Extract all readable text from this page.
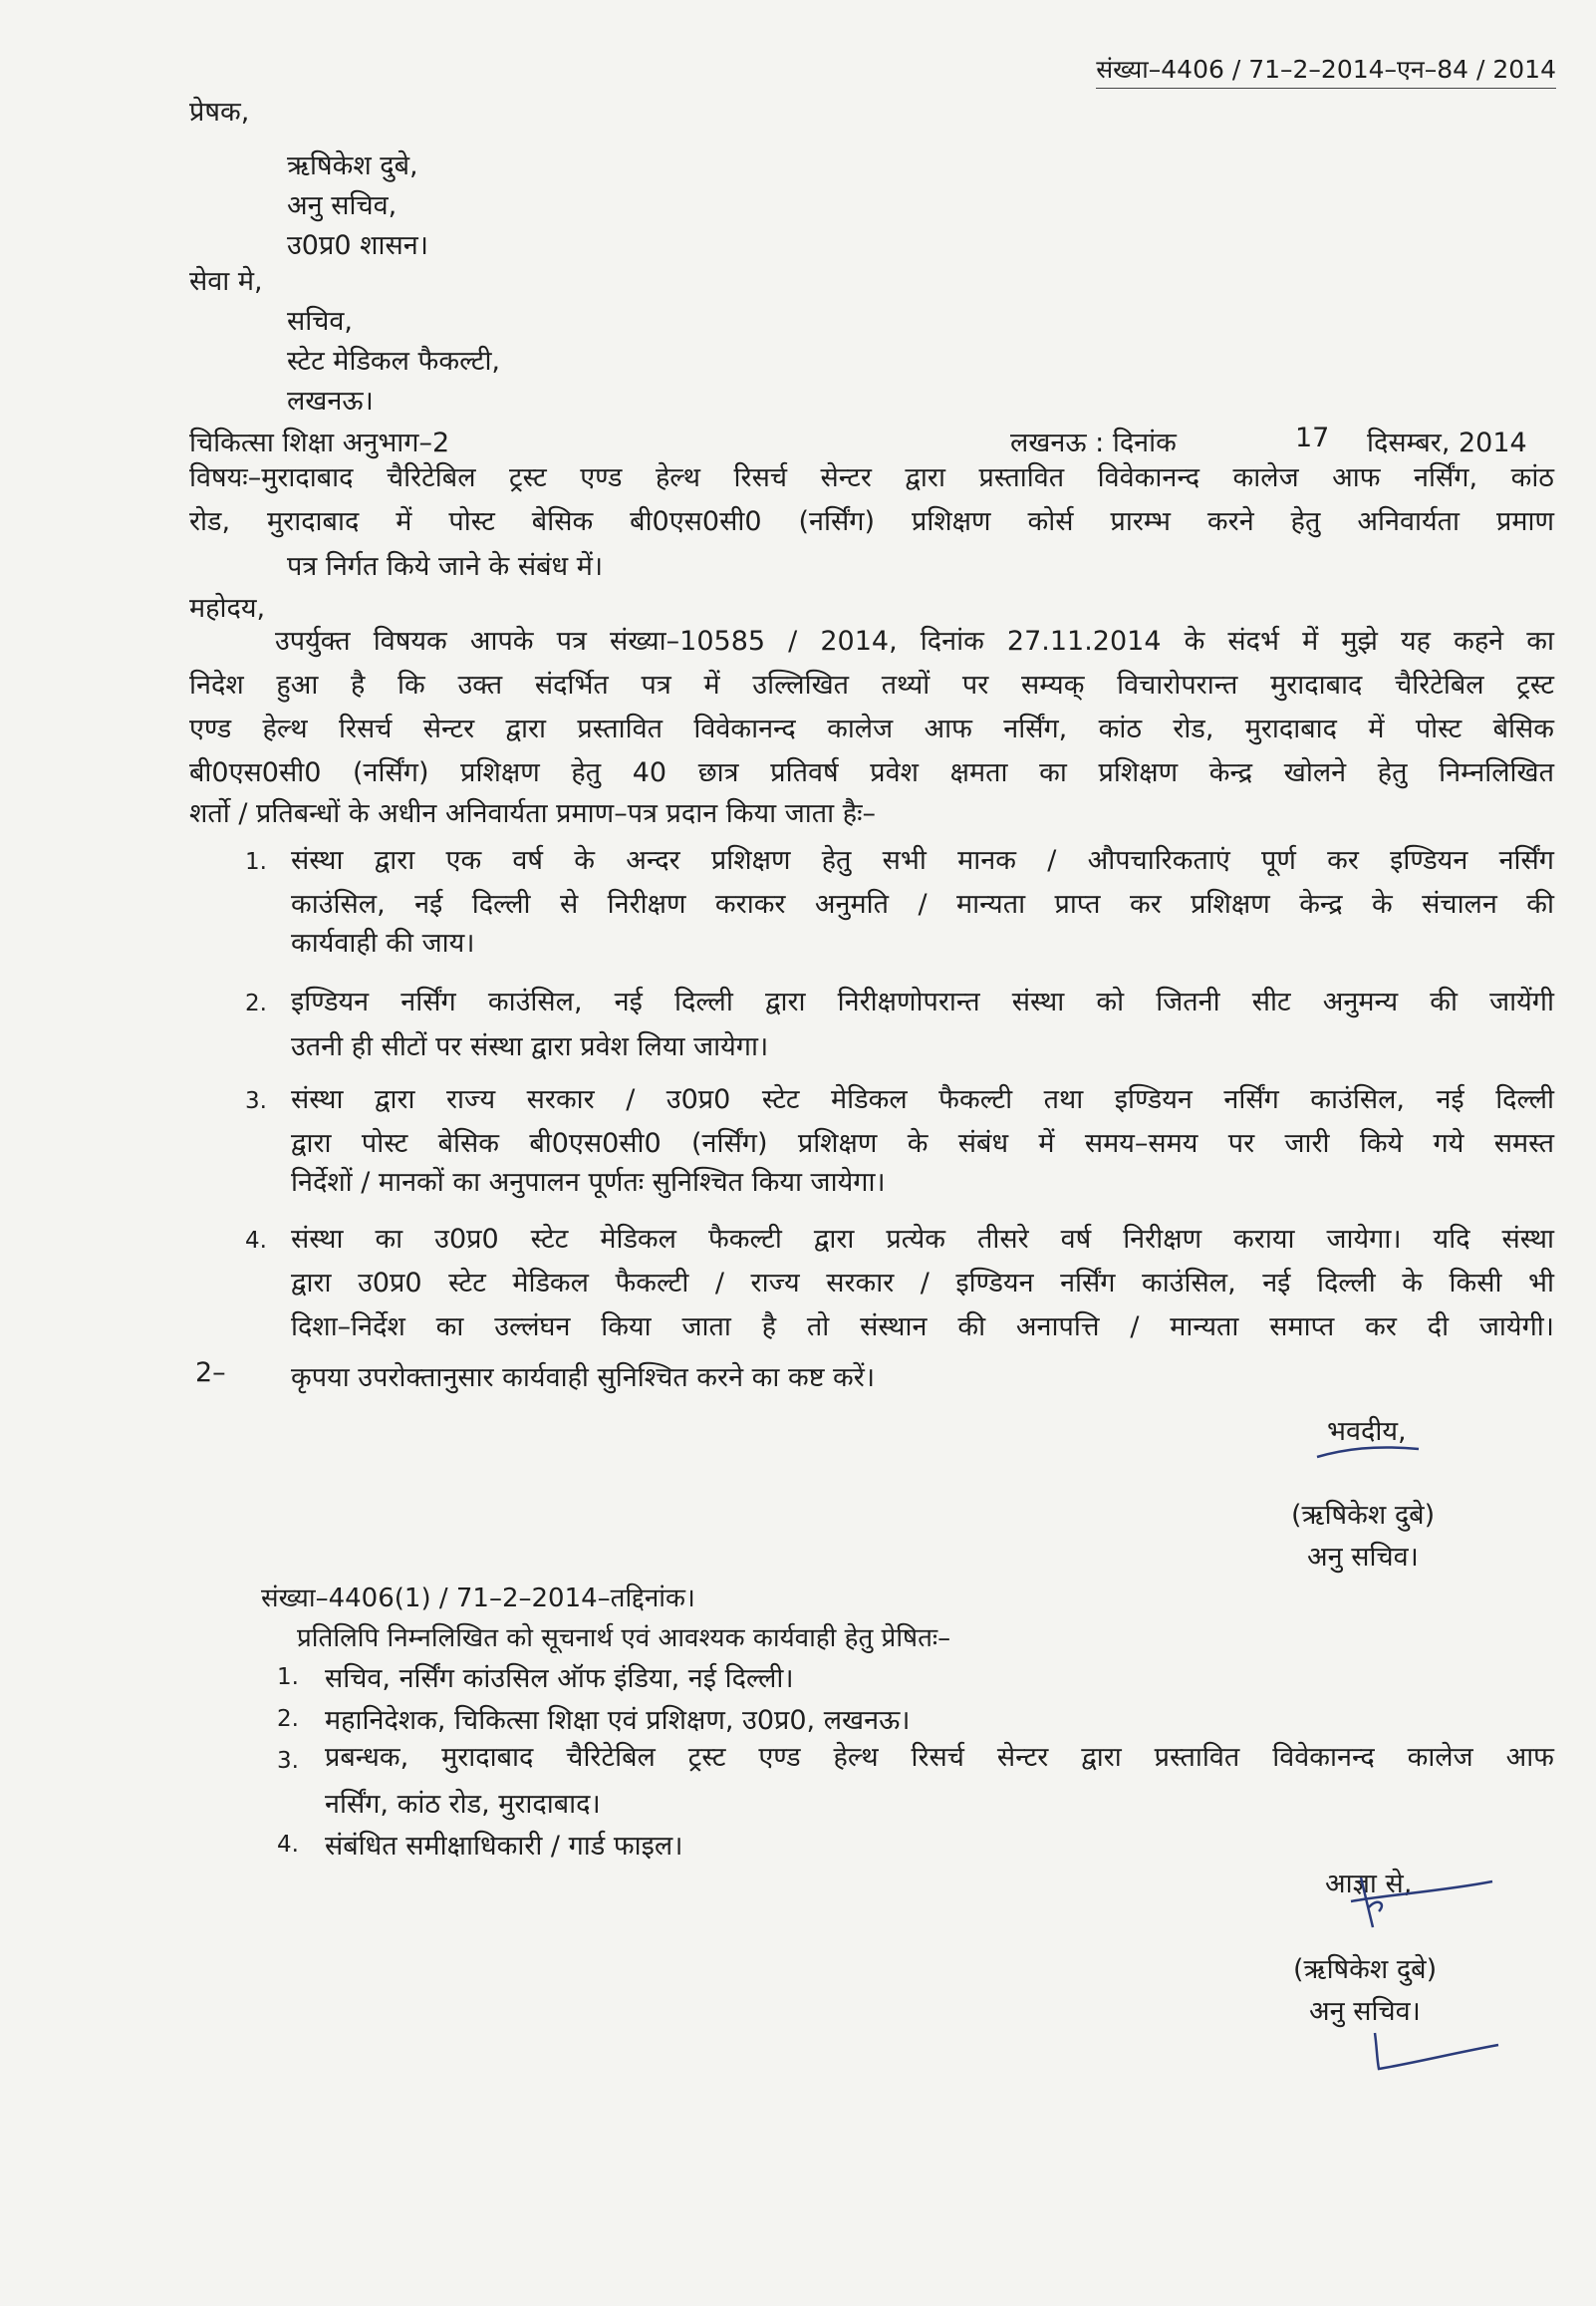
संख्या–4406 / 71–2–2014–एन–84 / 2014
प्रेषक,
ऋषिकेश दुबे,
अनु सचिव,
उ0प्र0 शासन।
सेवा मे,
सचिव,
स्टेट मेडिकल फैकल्टी,
लखनऊ।
चिकित्सा शिक्षा अनुभाग–2	लखनऊ : दिनांक	17 दिसम्बर, 2014
विषयः–मुरादाबाद चैरिटेबिल ट्रस्ट एण्ड हेल्थ रिसर्च सेन्टर द्वारा प्रस्तावित विवेकानन्द कालेज आफ नर्सिंग, कांठ
रोड, मुरादाबाद में पोस्ट बेसिक बी0एस0सी0 (नर्सिंग) प्रशिक्षण कोर्स प्रारम्भ करने हेतु अनिवार्यता प्रमाण
पत्र निर्गत किये जाने के संबंध में।
महोदय,
उपर्युक्त विषयक आपके पत्र संख्या–10585 / 2014, दिनांक 27.11.2014 के संदर्भ में मुझे यह कहने का
निदेश हुआ है कि उक्त संदर्भित पत्र में उल्लिखित तथ्यों पर सम्यक् विचारोपरान्त मुरादाबाद चैरिटेबिल ट्रस्ट
एण्ड हेल्थ रिसर्च सेन्टर द्वारा प्रस्तावित विवेकानन्द कालेज आफ नर्सिंग, कांठ रोड, मुरादाबाद में पोस्ट बेसिक
बी0एस0सी0 (नर्सिंग) प्रशिक्षण हेतु 40 छात्र प्रतिवर्ष प्रवेश क्षमता का प्रशिक्षण केन्द्र खोलने हेतु निम्नलिखित
शर्तो / प्रतिबन्धों के अधीन अनिवार्यता प्रमाण–पत्र प्रदान किया जाता हैः–
1. संस्था द्वारा एक वर्ष के अन्दर प्रशिक्षण हेतु सभी मानक / औपचारिकताएं पूर्ण कर इण्डियन नर्सिंग
काउंसिल, नई दिल्ली से निरीक्षण कराकर अनुमति / मान्यता प्राप्त कर प्रशिक्षण केन्द्र के संचालन की
कार्यवाही की जाय।
2. इण्डियन नर्सिंग काउंसिल, नई दिल्ली द्वारा निरीक्षणोपरान्त संस्था को जितनी सीट अनुमन्य की जायेंगी
उतनी ही सीटों पर संस्था द्वारा प्रवेश लिया जायेगा।
3. संस्था द्वारा राज्य सरकार / उ0प्र0 स्टेट मेडिकल फैकल्टी तथा इण्डियन नर्सिंग काउंसिल, नई दिल्ली
द्वारा पोस्ट बेसिक बी0एस0सी0 (नर्सिंग) प्रशिक्षण के संबंध में समय–समय पर जारी किये गये समस्त
निर्देशों / मानकों का अनुपालन पूर्णतः सुनिश्चित किया जायेगा।
4. संस्था का उ0प्र0 स्टेट मेडिकल फैकल्टी द्वारा प्रत्येक तीसरे वर्ष निरीक्षण कराया जायेगा। यदि संस्था
द्वारा उ0प्र0 स्टेट मेडिकल फैकल्टी / राज्य सरकार / इण्डियन नर्सिंग काउंसिल, नई दिल्ली के किसी भी
दिशा–निर्देश का उल्लंघन किया जाता है तो संस्थान की अनापत्ति / मान्यता समाप्त कर दी जायेगी।
2– कृपया उपरोक्तानुसार कार्यवाही सुनिश्चित करने का कष्ट करें।
भवदीय,
(ऋषिकेश दुबे)
अनु सचिव।
संख्या–4406(1) / 71–2–2014–तद्दिनांक।
प्रतिलिपि निम्नलिखित को सूचनार्थ एवं आवश्यक कार्यवाही हेतु प्रेषितः–
1. सचिव, नर्सिंग कांउसिल ऑफ इंडिया, नई दिल्ली।
2. महानिदेशक, चिकित्सा शिक्षा एवं प्रशिक्षण, उ0प्र0, लखनऊ।
3. प्रबन्धक, मुरादाबाद चैरिटेबिल ट्रस्ट एण्ड हेल्थ रिसर्च सेन्टर द्वारा प्रस्तावित विवेकानन्द कालेज आफ
नर्सिंग, कांठ रोड, मुरादाबाद।
4. संबंधित समीक्षाधिकारी / गार्ड फाइल।
आज्ञा से,
(ऋषिकेश दुबे)
अनु सचिव।
